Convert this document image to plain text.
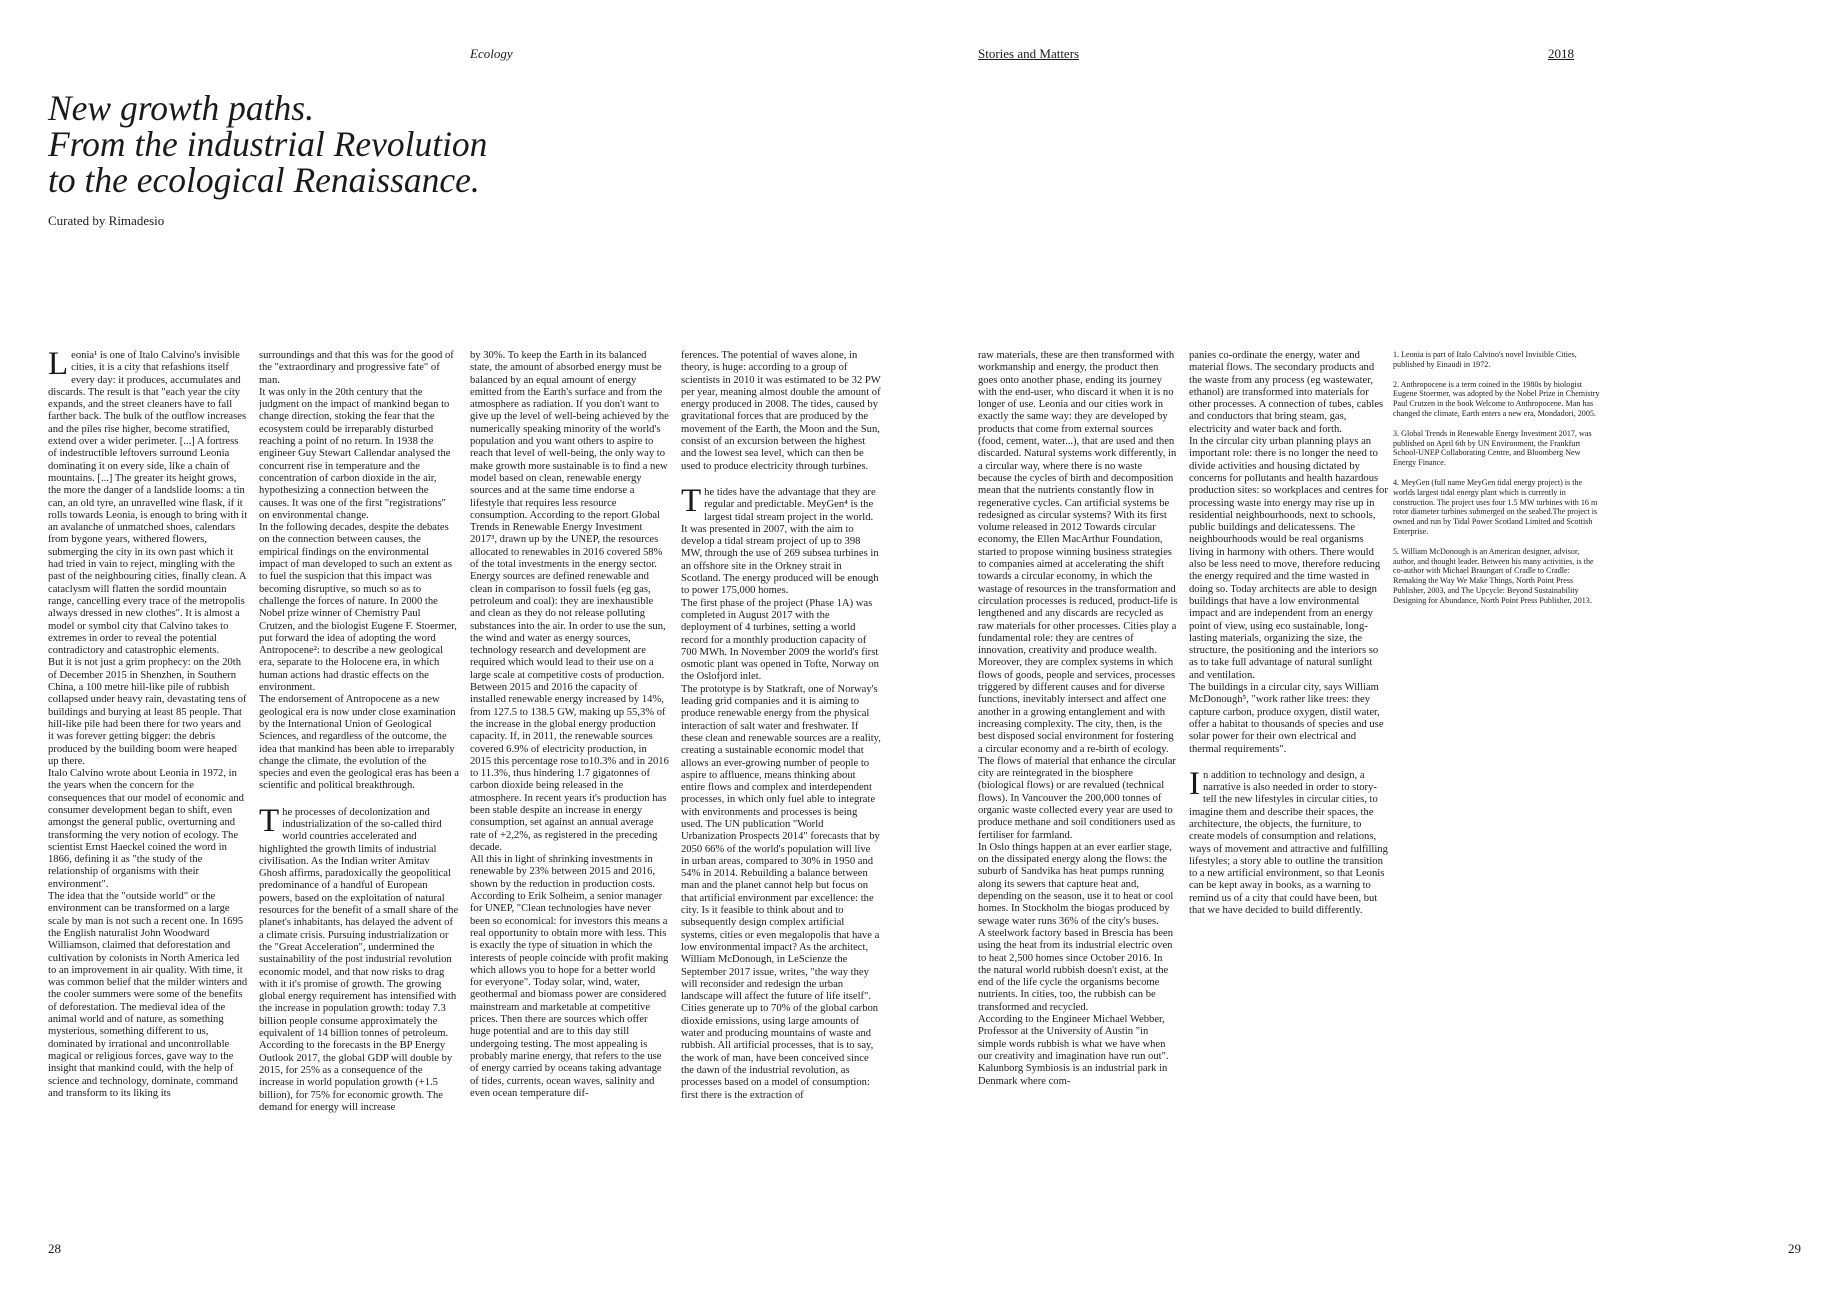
Ecology	Stories and Matters	2018
New growth paths.
From the industrial Revolution
to the ecological Renaissance.
Curated by Rimadesio

Leonia¹ is one of Italo Calvino's invisible cities, it is a city that refashions itself every day: it produces, accumulates and discards. The result is that "each year the city expands, and the street cleaners have to fall farther back. The bulk of the outflow increases and the piles rise higher, become stratified, extend over a wider perimeter. [...] A fortress of indestructible leftovers surround Leonia dominating it on every side, like a chain of mountains. [...] The greater its height grows, the more the danger of a landslide looms: a tin can, an old tyre, an unravelled wine flask, if it rolls towards Leonia, is enough to bring with it an avalanche of unmatched shoes, calendars from bygone years, withered flowers, submerging the city in its own past which it had tried in vain to reject, mingling with the past of the neighbouring cities, finally clean. A cataclysm will flatten the sordid mountain range, cancelling every trace of the metropolis always dressed in new clothes". It is almost a model or symbol city that Calvino takes to extremes in order to reveal the potential contradictory and catastrophic elements.

But it is not just a grim prophecy: on the 20th of December 2015 in Shenzhen, in Southern China, a 100 metre hill-like pile of rubbish collapsed under heavy rain, devastating tens of buildings and burying at least 85 people. That hill-like pile had been there for two years and it was forever getting bigger: the debris produced by the building boom were heaped up there.

Italo Calvino wrote about Leonia in 1972, in the years when the concern for the consequences that our model of economic and consumer development began to shift, even amongst the general public, overturning and transforming the very notion of ecology. The scientist Ernst Haeckel coined the word in 1866, defining it as "the study of the relationship of organisms with their environment".

The idea that the "outside world" or the environment can be transformed on a large scale by man is not such a recent one. In 1695 the English naturalist John Woodward Williamson, claimed that deforestation and cultivation by colonists in North America led to an improvement in air quality. With time, it was common belief that the milder winters and the cooler summers were some of the benefits of deforestation. The medieval idea of the animal world and of nature, as something mysterious, something different to us, dominated by irrational and uncontrollable magical or religious forces, gave way to the insight that mankind could, with the help of science and technology, dominate, command and transform to its liking its

surroundings and that this was for the good of the "extraordinary and progressive fate" of man.

It was only in the 20th century that the judgment on the impact of mankind began to change direction, stoking the fear that the ecosystem could be irreparably disturbed reaching a point of no return. In 1938 the engineer Guy Stewart Callendar analysed the concurrent rise in temperature and the concentration of carbon dioxide in the air, hypothesizing a connection between the causes. It was one of the first "registrations" on environmental change.

In the following decades, despite the debates on the connection between causes, the empirical findings on the environmental impact of man developed to such an extent as to fuel the suspicion that this impact was becoming disruptive, so much so as to challenge the forces of nature. In 2000 the Nobel prize winner of Chemistry Paul Crutzen, and the biologist Eugene F. Stoermer, put forward the idea of adopting the word Antropocene²: to describe a new geological era, separate to the Holocene era, in which human actions had drastic effects on the environment.

The endorsement of Antropocene as a new geological era is now under close examination by the International Union of Geological Sciences, and regardless of the outcome, the idea that mankind has been able to irreparably change the climate, the evolution of the species and even the geological eras has been a scientific and political breakthrough.

The processes of decolonization and industrialization of the so-called third world countries accelerated and highlighted the growth limits of industrial civilisation. As the Indian writer Amitav Ghosh affirms, paradoxically the geopolitical predominance of a handful of European powers, based on the exploitation of natural resources for the benefit of a small share of the planet's inhabitants, has delayed the advent of a climate crisis. Pursuing industrialization or the "Great Acceleration", undermined the sustainability of the post industrial revolution economic model, and that now risks to drag with it it's promise of growth. The growing global energy requirement has intensified with the increase in population growth: today 7.3 billion people consume approximately the equivalent of 14 billion tonnes of petroleum. According to the forecasts in the BP Energy Outlook 2017, the global GDP will double by 2015, for 25% as a consequence of the increase in world population growth (+1.5 billion), for 75% for economic growth. The demand for energy will increase

by 30%. To keep the Earth in its balanced state, the amount of absorbed energy must be balanced by an equal amount of energy emitted from the Earth's surface and from the atmosphere as radiation. If you don't want to give up the level of well-being achieved by the numerically speaking minority of the world's population and you want others to aspire to reach that level of well-being, the only way to make growth more sustainable is to find a new model based on clean, renewable energy sources and at the same time endorse a lifestyle that requires less resource consumption. According to the report Global Trends in Renewable Energy Investment 2017³, drawn up by the UNEP, the resources allocated to renewables in 2016 covered 58% of the total investments in the energy sector. Energy sources are defined renewable and clean in comparison to fossil fuels (eg gas, petroleum and coal): they are inexhaustible and clean as they do not release polluting substances into the air. In order to use the sun, the wind and water as energy sources, technology research and development are required which would lead to their use on a large scale at competitive costs of production. Between 2015 and 2016 the capacity of installed renewable energy increased by 14%, from 127.5 to 138.5 GW, making up 55,3% of the increase in the global energy production capacity. If, in 2011, the renewable sources covered 6.9% of electricity production, in 2015 this percentage rose to10.3% and in 2016 to 11.3%, thus hindering 1.7 gigatonnes of carbon dioxide being released in the atmosphere. In recent years it's production has been stable despite an increase in energy consumption, set against an annual average rate of +2,2%, as registered in the preceding decade.

All this in light of shrinking investments in renewable by 23% between 2015 and 2016, shown by the reduction in production costs. According to Erik Solheim, a senior manager for UNEP, "Clean technologies have never been so economical: for investors this means a real opportunity to obtain more with less. This is exactly the type of situation in which the interests of people coincide with profit making which allows you to hope for a better world for everyone". Today solar, wind, water, geothermal and biomass power are considered mainstream and marketable at competitive prices. Then there are sources which offer huge potential and are to this day still undergoing testing. The most appealing is probably marine energy, that refers to the use of energy carried by oceans taking advantage of tides, currents, ocean waves, salinity and even ocean temperature dif-

ferences. The potential of waves alone, in theory, is huge: according to a group of scientists in 2010 it was estimated to be 32 PW per year, meaning almost double the amount of energy produced in 2008. The tides, caused by gravitational forces that are produced by the movement of the Earth, the Moon and the Sun, consist of an excursion between the highest and the lowest sea level, which can then be used to produce electricity through turbines.

The tides have the advantage that they are regular and predictable. MeyGen⁴ is the largest tidal stream project in the world. It was presented in 2007, with the aim to develop a tidal stream project of up to 398 MW, through the use of 269 subsea turbines in an offshore site in the Orkney strait in Scotland. The energy produced will be enough to power 175,000 homes.

The first phase of the project (Phase 1A) was completed in August 2017 with the deployment of 4 turbines, setting a world record for a monthly production capacity of 700 MWh. In November 2009 the world's first osmotic plant was opened in Tofte, Norway on the Oslofjord inlet.

The prototype is by Statkraft, one of Norway's leading grid companies and it is aiming to produce renewable energy from the physical interaction of salt water and freshwater. If these clean and renewable sources are a reality, creating a sustainable economic model that allows an ever-growing number of people to aspire to affluence, means thinking about entire flows and complex and interdependent processes, in which only fuel able to integrate with environments and processes is being used. The UN publication "World Urbanization Prospects 2014" forecasts that by 2050 66% of the world's population will live in urban areas, compared to 30% in 1950 and 54% in 2014. Rebuilding a balance between man and the planet cannot help but focus on that artificial environment par excellence: the city. Is it feasible to think about and to subsequently design complex artificial systems, cities or even megalopolis that have a low environmental impact? As the architect, William McDonough, in LeScienze the September 2017 issue, writes, "the way they will reconsider and redesign the urban landscape will affect the future of life itself". Cities generate up to 70% of the global carbon dioxide emissions, using large amounts of water and producing mountains of waste and rubbish. All artificial processes, that is to say, the work of man, have been conceived since the dawn of the industrial revolution, as processes based on a model of consumption: first there is the extraction of

raw materials, these are then transformed with workmanship and energy, the product then goes onto another phase, ending its journey with the end-user, who discard it when it is no longer of use. Leonia and our cities work in exactly the same way: they are developed by products that come from external sources (food, cement, water...), that are used and then discarded. Natural systems work differently, in a circular way, where there is no waste because the cycles of birth and decomposition mean that the nutrients constantly flow in regenerative cycles. Can artificial systems be redesigned as circular systems? With its first volume released in 2012 Towards circular economy, the Ellen MacArthur Foundation, started to propose winning business strategies to companies aimed at accelerating the shift towards a circular economy, in which the wastage of resources in the transformation and circulation processes is reduced, product-life is lengthened and any discards are recycled as raw materials for other processes. Cities play a fundamental role: they are centres of innovation, creativity and produce wealth. Moreover, they are complex systems in which flows of goods, people and services, processes triggered by different causes and for diverse functions, inevitably intersect and affect one another in a growing entanglement and with increasing complexity. The city, then, is the best disposed social environment for fostering a circular economy and a re-birth of ecology. The flows of material that enhance the circular city are reintegrated in the biosphere (biological flows) or are revalued (technical flows). In Vancouver the 200,000 tonnes of organic waste collected every year are used to produce methane and soil conditioners used as fertiliser for farmland.

In Oslo things happen at an ever earlier stage, on the dissipated energy along the flows: the suburb of Sandvika has heat pumps running along its sewers that capture heat and, depending on the season, use it to heat or cool homes. In Stockholm the biogas produced by sewage water runs 36% of the city's buses.

A steelwork factory based in Brescia has been using the heat from its industrial electric oven to heat 2,500 homes since October 2016. In the natural world rubbish doesn't exist, at the end of the life cycle the organisms become nutrients. In cities, too, the rubbish can be transformed and recycled.

According to the Engineer Michael Webber, Professor at the University of Austin "in simple words rubbish is what we have when our creativity and imagination have run out". Kalunborg Symbiosis is an industrial park in Denmark where com-

panies co-ordinate the energy, water and material flows. The secondary products and the waste from any process (eg wastewater, ethanol) are transformed into materials for other processes. A connection of tubes, cables and conductors that bring steam, gas, electricity and water back and forth.

In the circular city urban planning plays an important role: there is no longer the need to divide activities and housing dictated by concerns for pollutants and health hazardous production sites: so workplaces and centres for processing waste into energy may rise up in residential neighbourhoods, next to schools, public buildings and delicatessens. The neighbourhoods would be real organisms living in harmony with others. There would also be less need to move, therefore reducing the energy required and the time wasted in doing so. Today architects are able to design buildings that have a low environmental impact and are independent from an energy point of view, using eco sustainable, long-lasting materials, organizing the size, the structure, the positioning and the interiors so as to take full advantage of natural sunlight and ventilation.

The buildings in a circular city, says William McDonough⁵, "work rather like trees: they capture carbon, produce oxygen, distil water, offer a habitat to thousands of species and use solar power for their own electrical and thermal requirements".

In addition to technology and design, a narrative is also needed in order to story-tell the new lifestyles in circular cities, to imagine them and describe their spaces, the architecture, the objects, the furniture, to create models of consumption and relations, ways of movement and attractive and fulfilling lifestyles; a story able to outline the transition to a new artificial environment, so that Leonis can be kept away in books, as a warning to remind us of a city that could have been, but that we have decided to build differently.

1. Leonia is part of Italo Calvino's novel Invisible Cities, published by Einaudi in 1972.

2. Anthropocene is a term coined in the 1980s by biologist Eugene Stoermer, was adopted by the Nobel Prize in Chemistry Paul Crutzen in the book Welcome to Anthropocene. Man has changed the climate, Earth enters a new era, Mondadori, 2005.

3. Global Trends in Renewable Energy Investment 2017, was published on April 6th by UN Environment, the Frankfurt School-UNEP Collaborating Centre, and Bloomberg New Energy Finance.

4. MeyGen (full name MeyGen tidal energy project) is the worlds largest tidal energy plant which is currently in construction. The project uses four 1.5 MW turbines with 16 m rotor diameter turbines submerged on the seabed.The project is owned and run by Tidal Power Scotland Limited and Scottish Enterprise.

5. William McDonough is an American designer, advisor, author, and thought leader. Between his many activities, is the co-author with Michael Braungart of Cradle to Cradle: Remaking the Way We Make Things, North Point Press Publisher, 2003, and The Upcycle: Beyond Sustainability Designing for Abundance, North Point Press Publisher, 2013.

28	29
